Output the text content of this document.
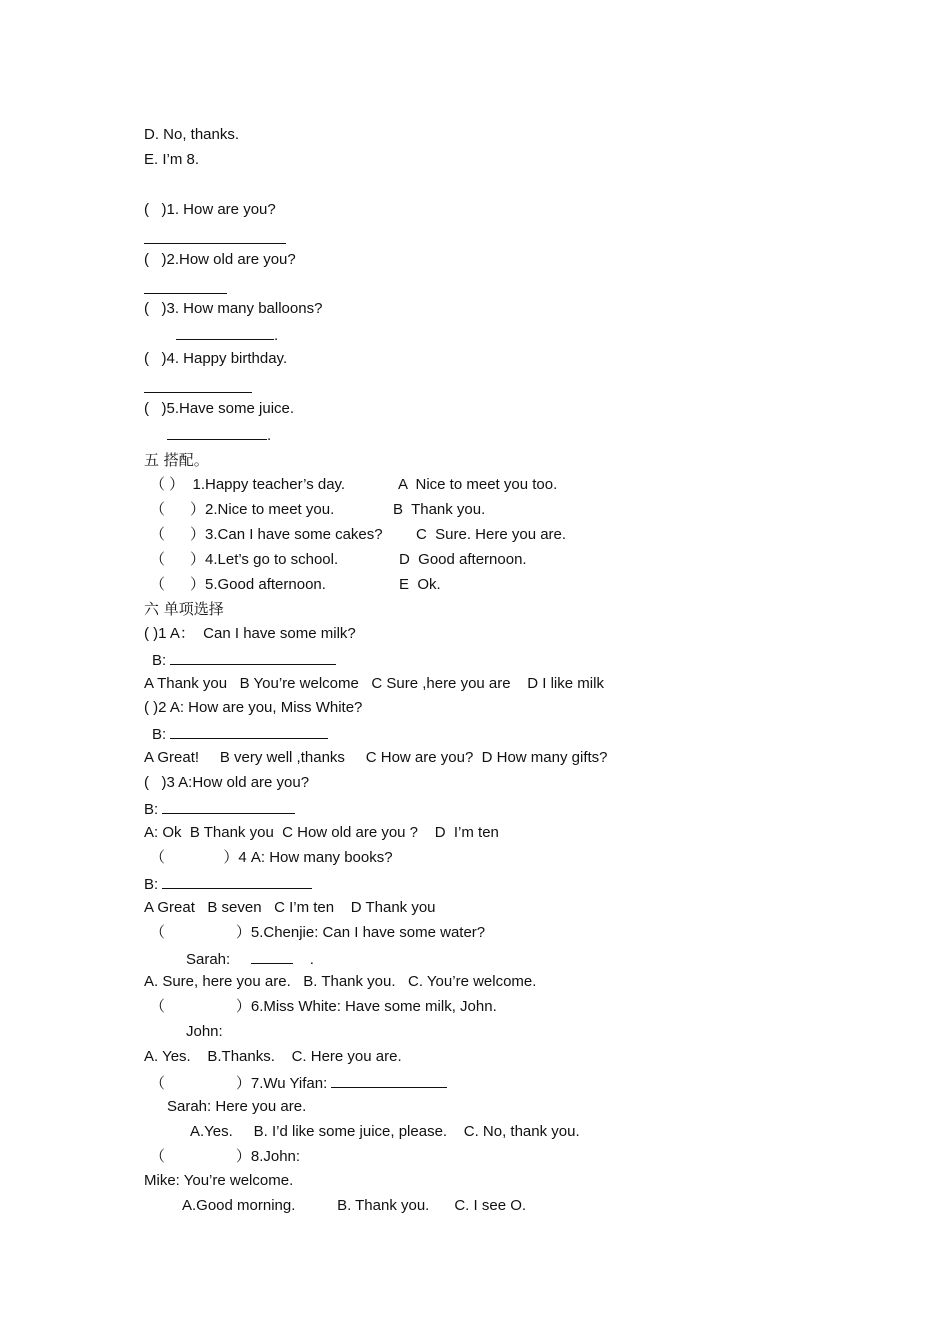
D. No, thanks.
E. I’m 8.
(   )1. How are you?
(   )2.How old are you?
(   )3. How many balloons?
.
(   )4. Happy birthday.
(   )5.Have some juice.
.
五 搭配。
（ ）  1.Happy teacher’s day.
（      ）2.Nice to meet you.
（      ）3.Can I have some cakes?
（      ）4.Let’s go to school.
（      ）5.Good afternoon.
A  Nice to meet you too.
B  Thank you.
C  Sure. Here you are.
D  Good afternoon.
E  Ok.
六 单项选择
( )1 A：  Can I have some milk?
B:
A Thank you   B You’re welcome   C Sure ,here you are    D I like milk
( )2 A: How are you, Miss White?
B:
A Great!     B very well ,thanks     C How are you?  D How many gifts?
(   )3 A:How old are you?
B:
A: Ok  B Thank you  C How old are you ?    D  I’m ten
（              ）4 A: How many books?
B:
A Great   B seven   C I’m ten    D Thank you
（                 ）5.Chenjie: Can I have some water?
Sarah:	.
A. Sure, here you are.   B. Thank you.   C. You’re welcome.
（                 ）6.Miss White: Have some milk, John.
John:
A. Yes.    B.Thanks.    C. Here you are.
（                 ）7.Wu Yifan:
Sarah: Here you are.
A.Yes.     B. I’d like some juice, please.    C. No, thank you.
（                 ）8.John:
Mike: You’re welcome.
A.Good morning.          B. Thank you.      C. I see O.
